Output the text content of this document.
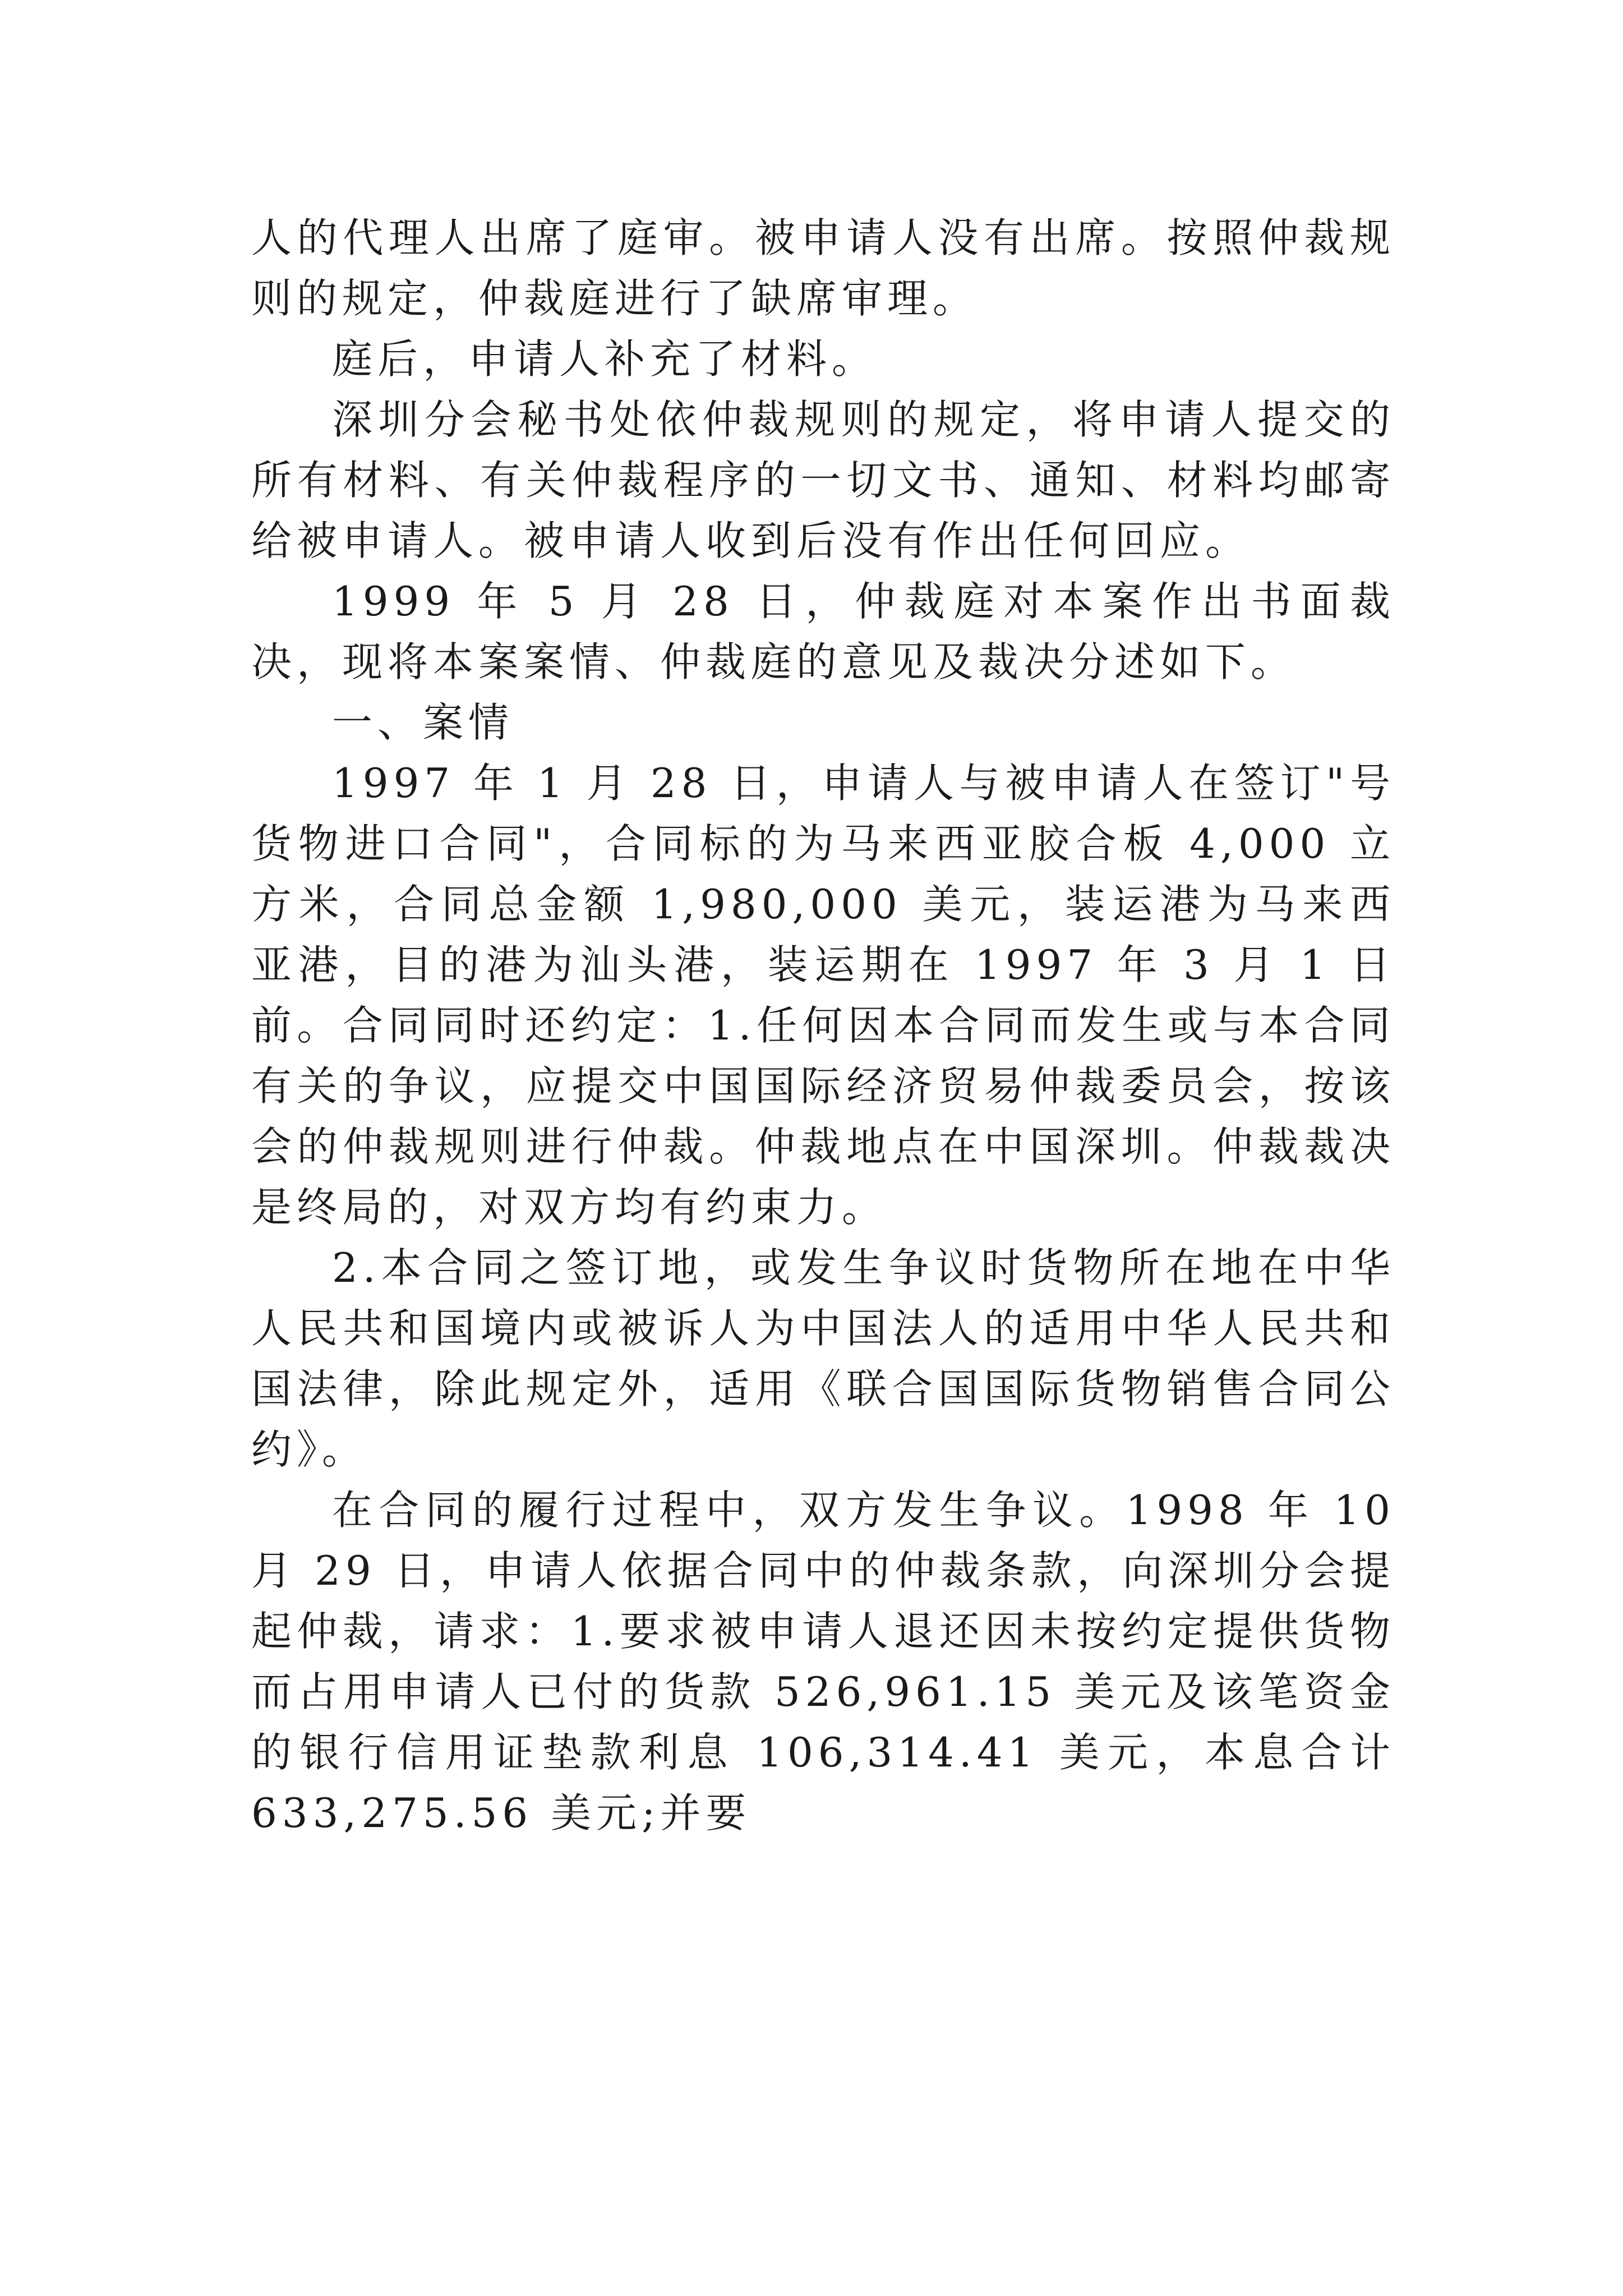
人的代理人出席了庭审。被申请人没有出席。按照仲裁规则的规定，仲裁庭进行了缺席审理。

庭后，申请人补充了材料。

深圳分会秘书处依仲裁规则的规定，将申请人提交的所有材料、有关仲裁程序的一切文书、通知、材料均邮寄给被申请人。被申请人收到后没有作出任何回应。

1999 年 5 月 28 日，仲裁庭对本案作出书面裁决，现将本案案情、仲裁庭的意见及裁决分述如下。

一、案情

1997 年 1 月 28 日，申请人与被申请人在签订"号货物进口合同"，合同标的为马来西亚胶合板 4,000 立方米，合同总金额 1,980,000 美元，装运港为马来西亚港，目的港为汕头港，装运期在 1997 年 3 月 1 日前。合同同时还约定：1.任何因本合同而发生或与本合同有关的争议，应提交中国国际经济贸易仲裁委员会，按该会的仲裁规则进行仲裁。仲裁地点在中国深圳。仲裁裁决是终局的，对双方均有约束力。

2.本合同之签订地，或发生争议时货物所在地在中华人民共和国境内或被诉人为中国法人的适用中华人民共和国法律，除此规定外，适用《联合国国际货物销售合同公约》。

在合同的履行过程中，双方发生争议。1998 年 10 月 29 日，申请人依据合同中的仲裁条款，向深圳分会提起仲裁，请求：1.要求被申请人退还因未按约定提供货物而占用申请人已付的货款 526,961.15 美元及该笔资金的银行信用证垫款利息 106,314.41 美元，本息合计 633,275.56 美元;并要
